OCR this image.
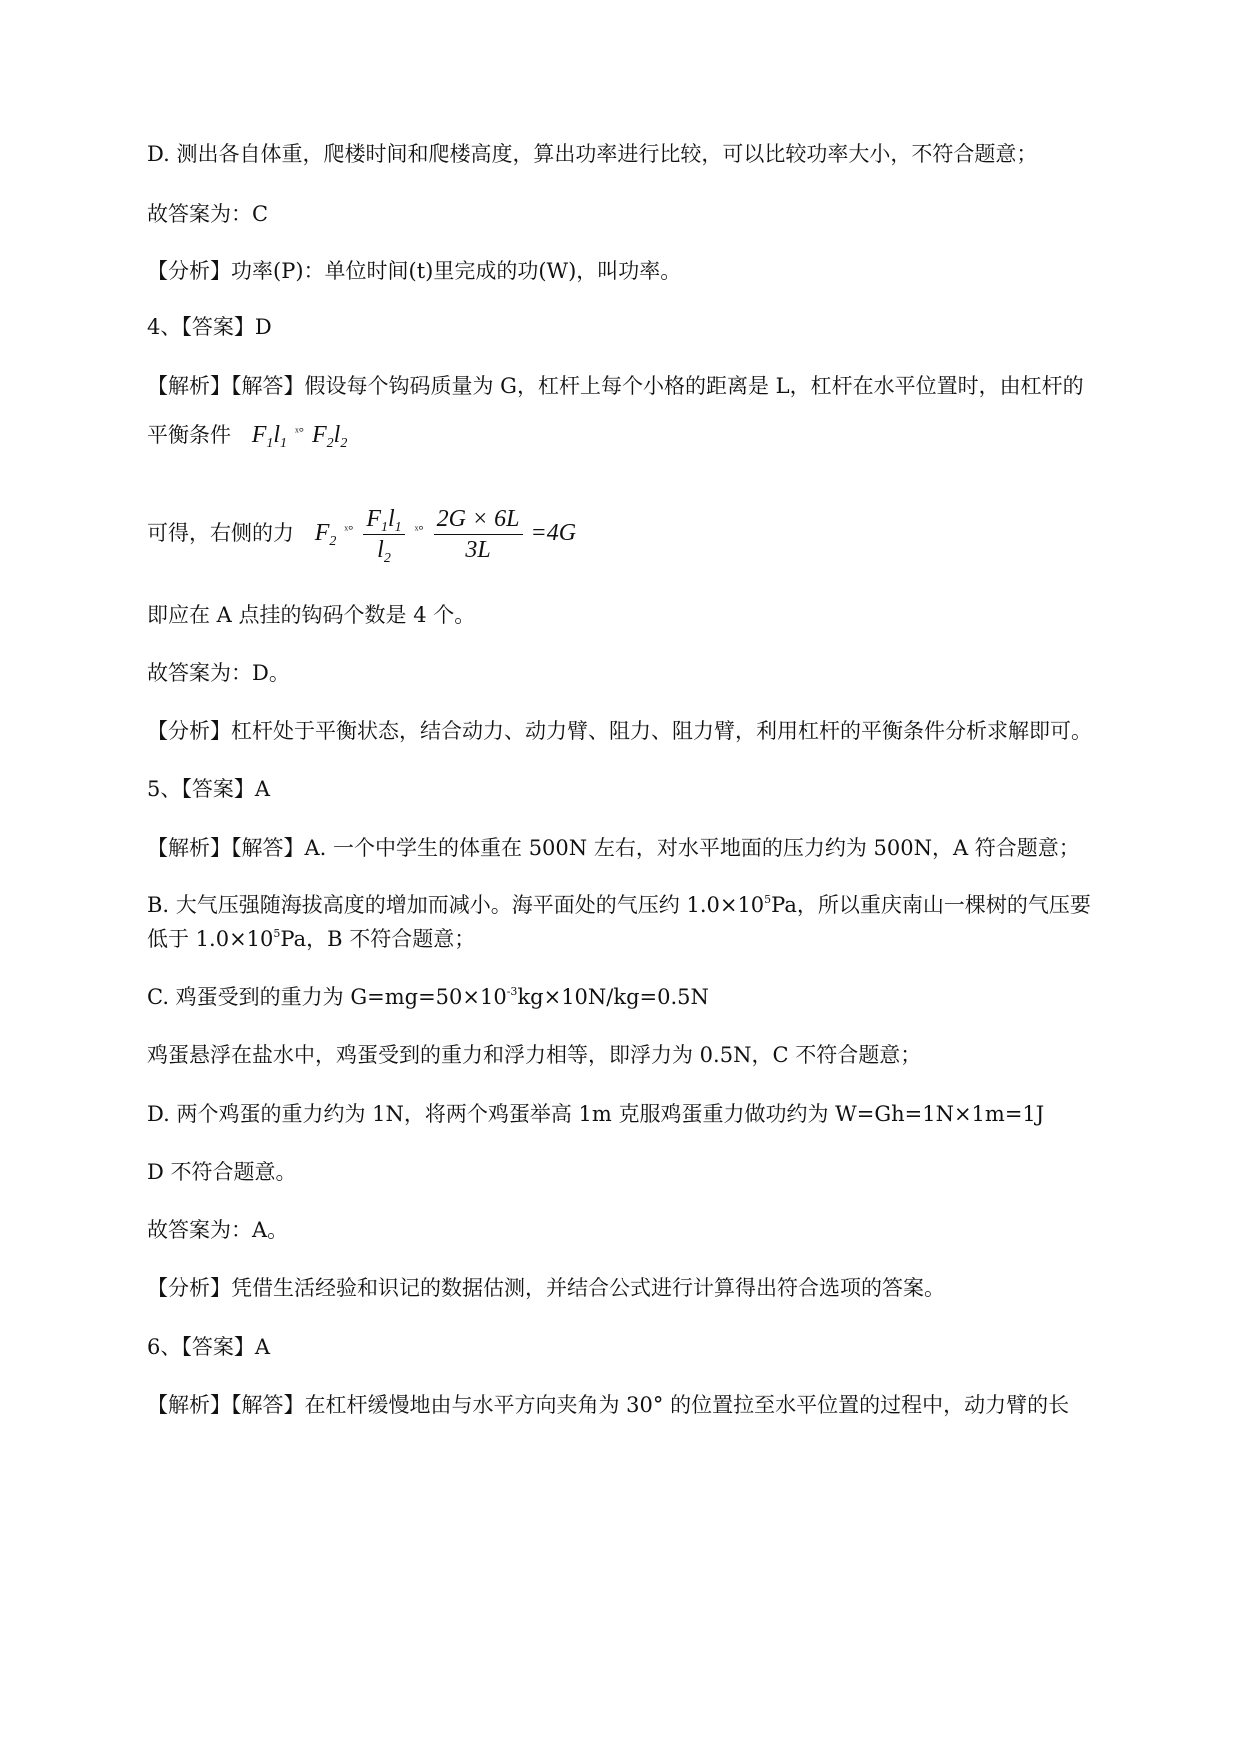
D. 测出各自体重，爬楼时间和爬楼高度，算出功率进行比较，可以比较功率大小，不符合题意；
故答案为：C
【分析】功率(P)：单位时间(t)里完成的功(W)，叫功率。
4、【答案】D
【解析】【解答】假设每个钩码质量为 G，杠杆上每个小格的距离是 L，杠杆在水平位置时，由杠杆的
平衡条件 $F_1l_1$ $^{ˣ^\circ}$ $F_2l_2$
可得，右侧的力 $F_2$ $^{ˣ^\circ} \frac{F_1l_1}{l_2} ^{ˣ^\circ} \frac{2G \times 6L}{3L} =4G$
即应在 A 点挂的钩码个数是 4 个。
故答案为：D。
【分析】杠杆处于平衡状态，结合动力、动力臂、阻力、阻力臂，利用杠杆的平衡条件分析求解即可。
5、【答案】A
【解析】【解答】A. 一个中学生的体重在 500N 左右，对水平地面的压力约为 500N，A 符合题意；
B. 大气压强随海拔高度的增加而减小。海平面处的气压约 $1.0\times 10^5Pa$，所以重庆南山一棵树的气压要
低于 $1.0\times 10^5Pa$，B 不符合题意；
C. 鸡蛋受到的重力为 $G=mg=50\times 10^{-3}kg\times 10N/kg=0.5N$
鸡蛋悬浮在盐水中，鸡蛋受到的重力和浮力相等，即浮力为 0.5N，C 不符合题意；
D. 两个鸡蛋的重力约为 1N，将两个鸡蛋举高 1m 克服鸡蛋重力做功约为 W=Gh=1N×1m=1J
D 不符合题意。
故答案为：A。
【分析】凭借生活经验和识记的数据估测，并结合公式进行计算得出符合选项的答案。
6、【答案】A
【解析】【解答】在杠杆缓慢地由与水平方向夹角为 30° 的位置拉至水平位置的过程中，动力臂的长
